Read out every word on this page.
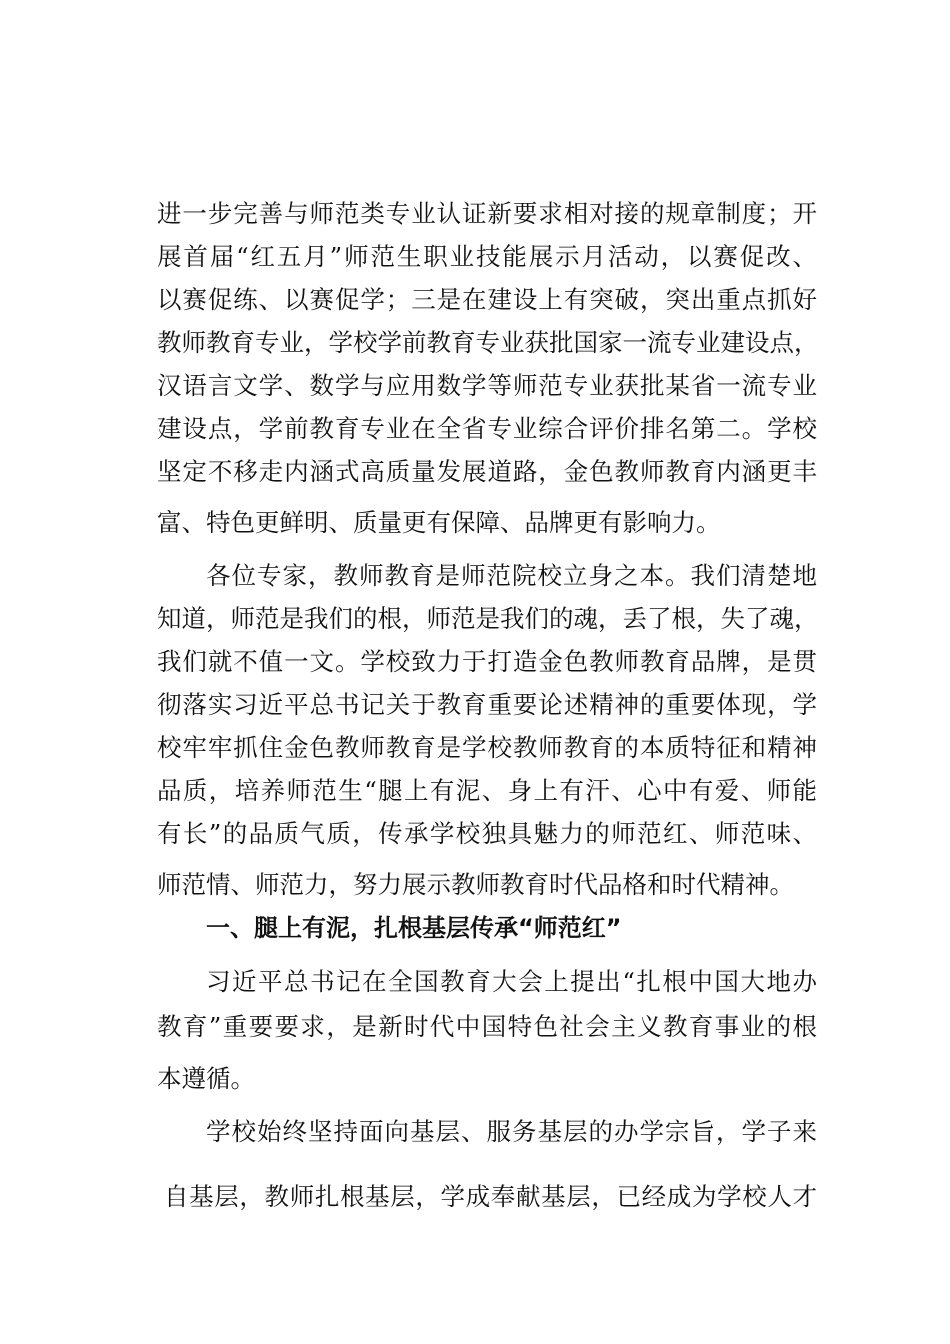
进一步完善与师范类专业认证新要求相对接的规章制度；开
展首届“红五月”师范生职业技能展示月活动，以赛促改、
以赛促练、以赛促学；三是在建设上有突破，突出重点抓好
教师教育专业，学校学前教育专业获批国家一流专业建设点，
汉语言文学、数学与应用数学等师范专业获批某省一流专业
建设点，学前教育专业在全省专业综合评价排名第二。学校
坚定不移走内涵式高质量发展道路，金色教师教育内涵更丰
富、特色更鲜明、质量更有保障、品牌更有影响力。
各位专家，教师教育是师范院校立身之本。我们清楚地
知道，师范是我们的根，师范是我们的魂，丢了根，失了魂，
我们就不值一文。学校致力于打造金色教师教育品牌，是贯
彻落实习近平总书记关于教育重要论述精神的重要体现，学
校牢牢抓住金色教师教育是学校教师教育的本质特征和精神
品质，培养师范生“腿上有泥、身上有汗、心中有爱、师能
有长”的品质气质，传承学校独具魅力的师范红、师范味、
师范情、师范力，努力展示教师教育时代品格和时代精神。
一、腿上有泥，扎根基层传承“师范红”
习近平总书记在全国教育大会上提出“扎根中国大地办
教育”重要要求，是新时代中国特色社会主义教育事业的根
本遵循。
学校始终坚持面向基层、服务基层的办学宗旨，学子来
自基层，教师扎根基层，学成奉献基层，已经成为学校人才
